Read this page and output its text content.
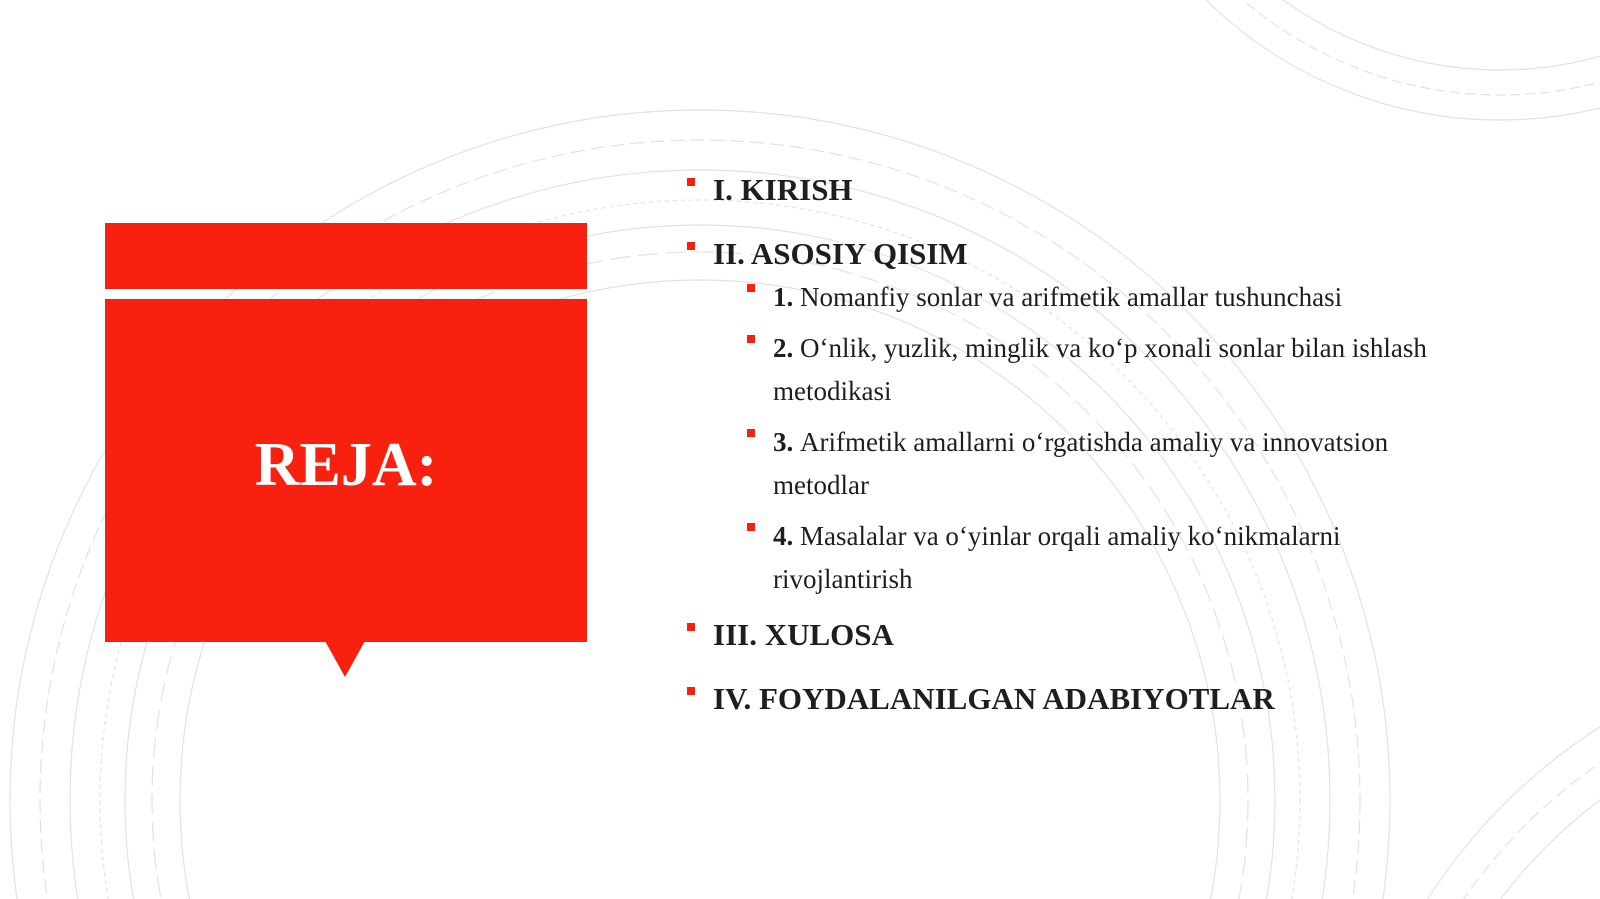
REJA:
I. KIRISH
II. ASOSIY QISIM
1. Nomanfiy sonlar va arifmetik amallar tushunchasi
2. O‘nlik, yuzlik, minglik va ko‘p xonali sonlar bilan ishlash metodikasi
3. Arifmetik amallarni o‘rgatishda amaliy va innovatsion metodlar
4. Masalalar va o‘yinlar orqali amaliy ko‘nikmalarni rivojlantirish
III. XULOSA
IV. FOYDALANILGAN ADABIYOTLAR
